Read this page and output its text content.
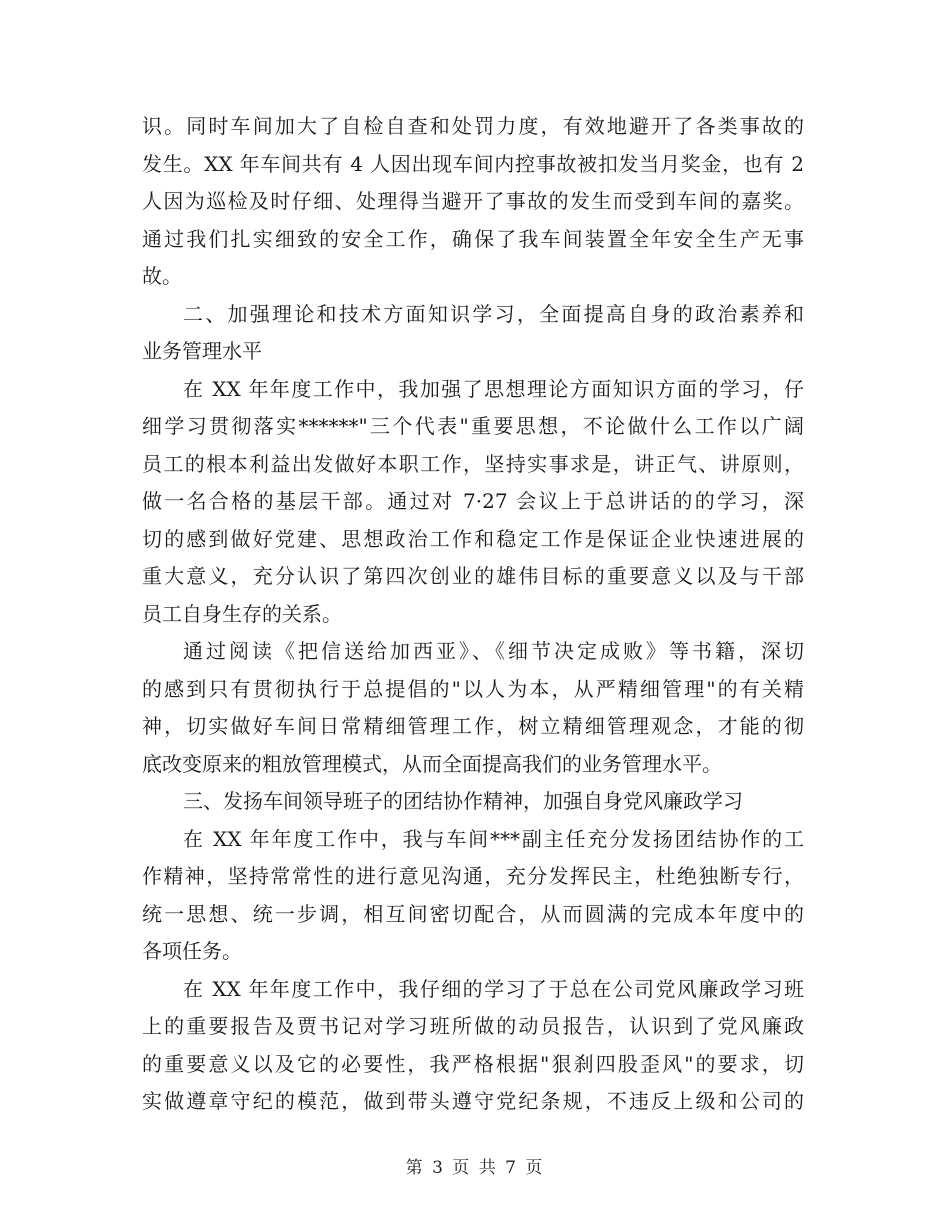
识。同时车间加大了自检自查和处罚力度，有效地避开了各类事故的
发生。XX 年车间共有 4 人因出现车间内控事故被扣发当月奖金，也有 2
人因为巡检及时仔细、处理得当避开了事故的发生而受到车间的嘉奖。
通过我们扎实细致的安全工作，确保了我车间装置全年安全生产无事
故。
二、加强理论和技术方面知识学习，全面提高自身的政治素养和
业务管理水平
在 XX 年年度工作中，我加强了思想理论方面知识方面的学习，仔
细学习贯彻落实******"三个代表"重要思想，不论做什么工作以广阔
员工的根本利益出发做好本职工作，坚持实事求是，讲正气、讲原则，
做一名合格的基层干部。通过对 7·27 会议上于总讲话的的学习，深
切的感到做好党建、思想政治工作和稳定工作是保证企业快速进展的
重大意义，充分认识了第四次创业的雄伟目标的重要意义以及与干部
员工自身生存的关系。
通过阅读《把信送给加西亚》、《细节决定成败》等书籍，深切
的感到只有贯彻执行于总提倡的"以人为本，从严精细管理"的有关精
神，切实做好车间日常精细管理工作，树立精细管理观念，才能的彻
底改变原来的粗放管理模式，从而全面提高我们的业务管理水平。
三、发扬车间领导班子的团结协作精神，加强自身党风廉政学习
在 XX 年年度工作中，我与车间***副主任充分发扬团结协作的工
作精神，坚持常常性的进行意见沟通，充分发挥民主，杜绝独断专行，
统一思想、统一步调，相互间密切配合，从而圆满的完成本年度中的
各项任务。
在 XX 年年度工作中，我仔细的学习了于总在公司党风廉政学习班
上的重要报告及贾书记对学习班所做的动员报告，认识到了党风廉政
的重要意义以及它的必要性，我严格根据"狠刹四股歪风"的要求，切
实做遵章守纪的模范，做到带头遵守党纪条规，不违反上级和公司的
第 3 页 共 7 页
